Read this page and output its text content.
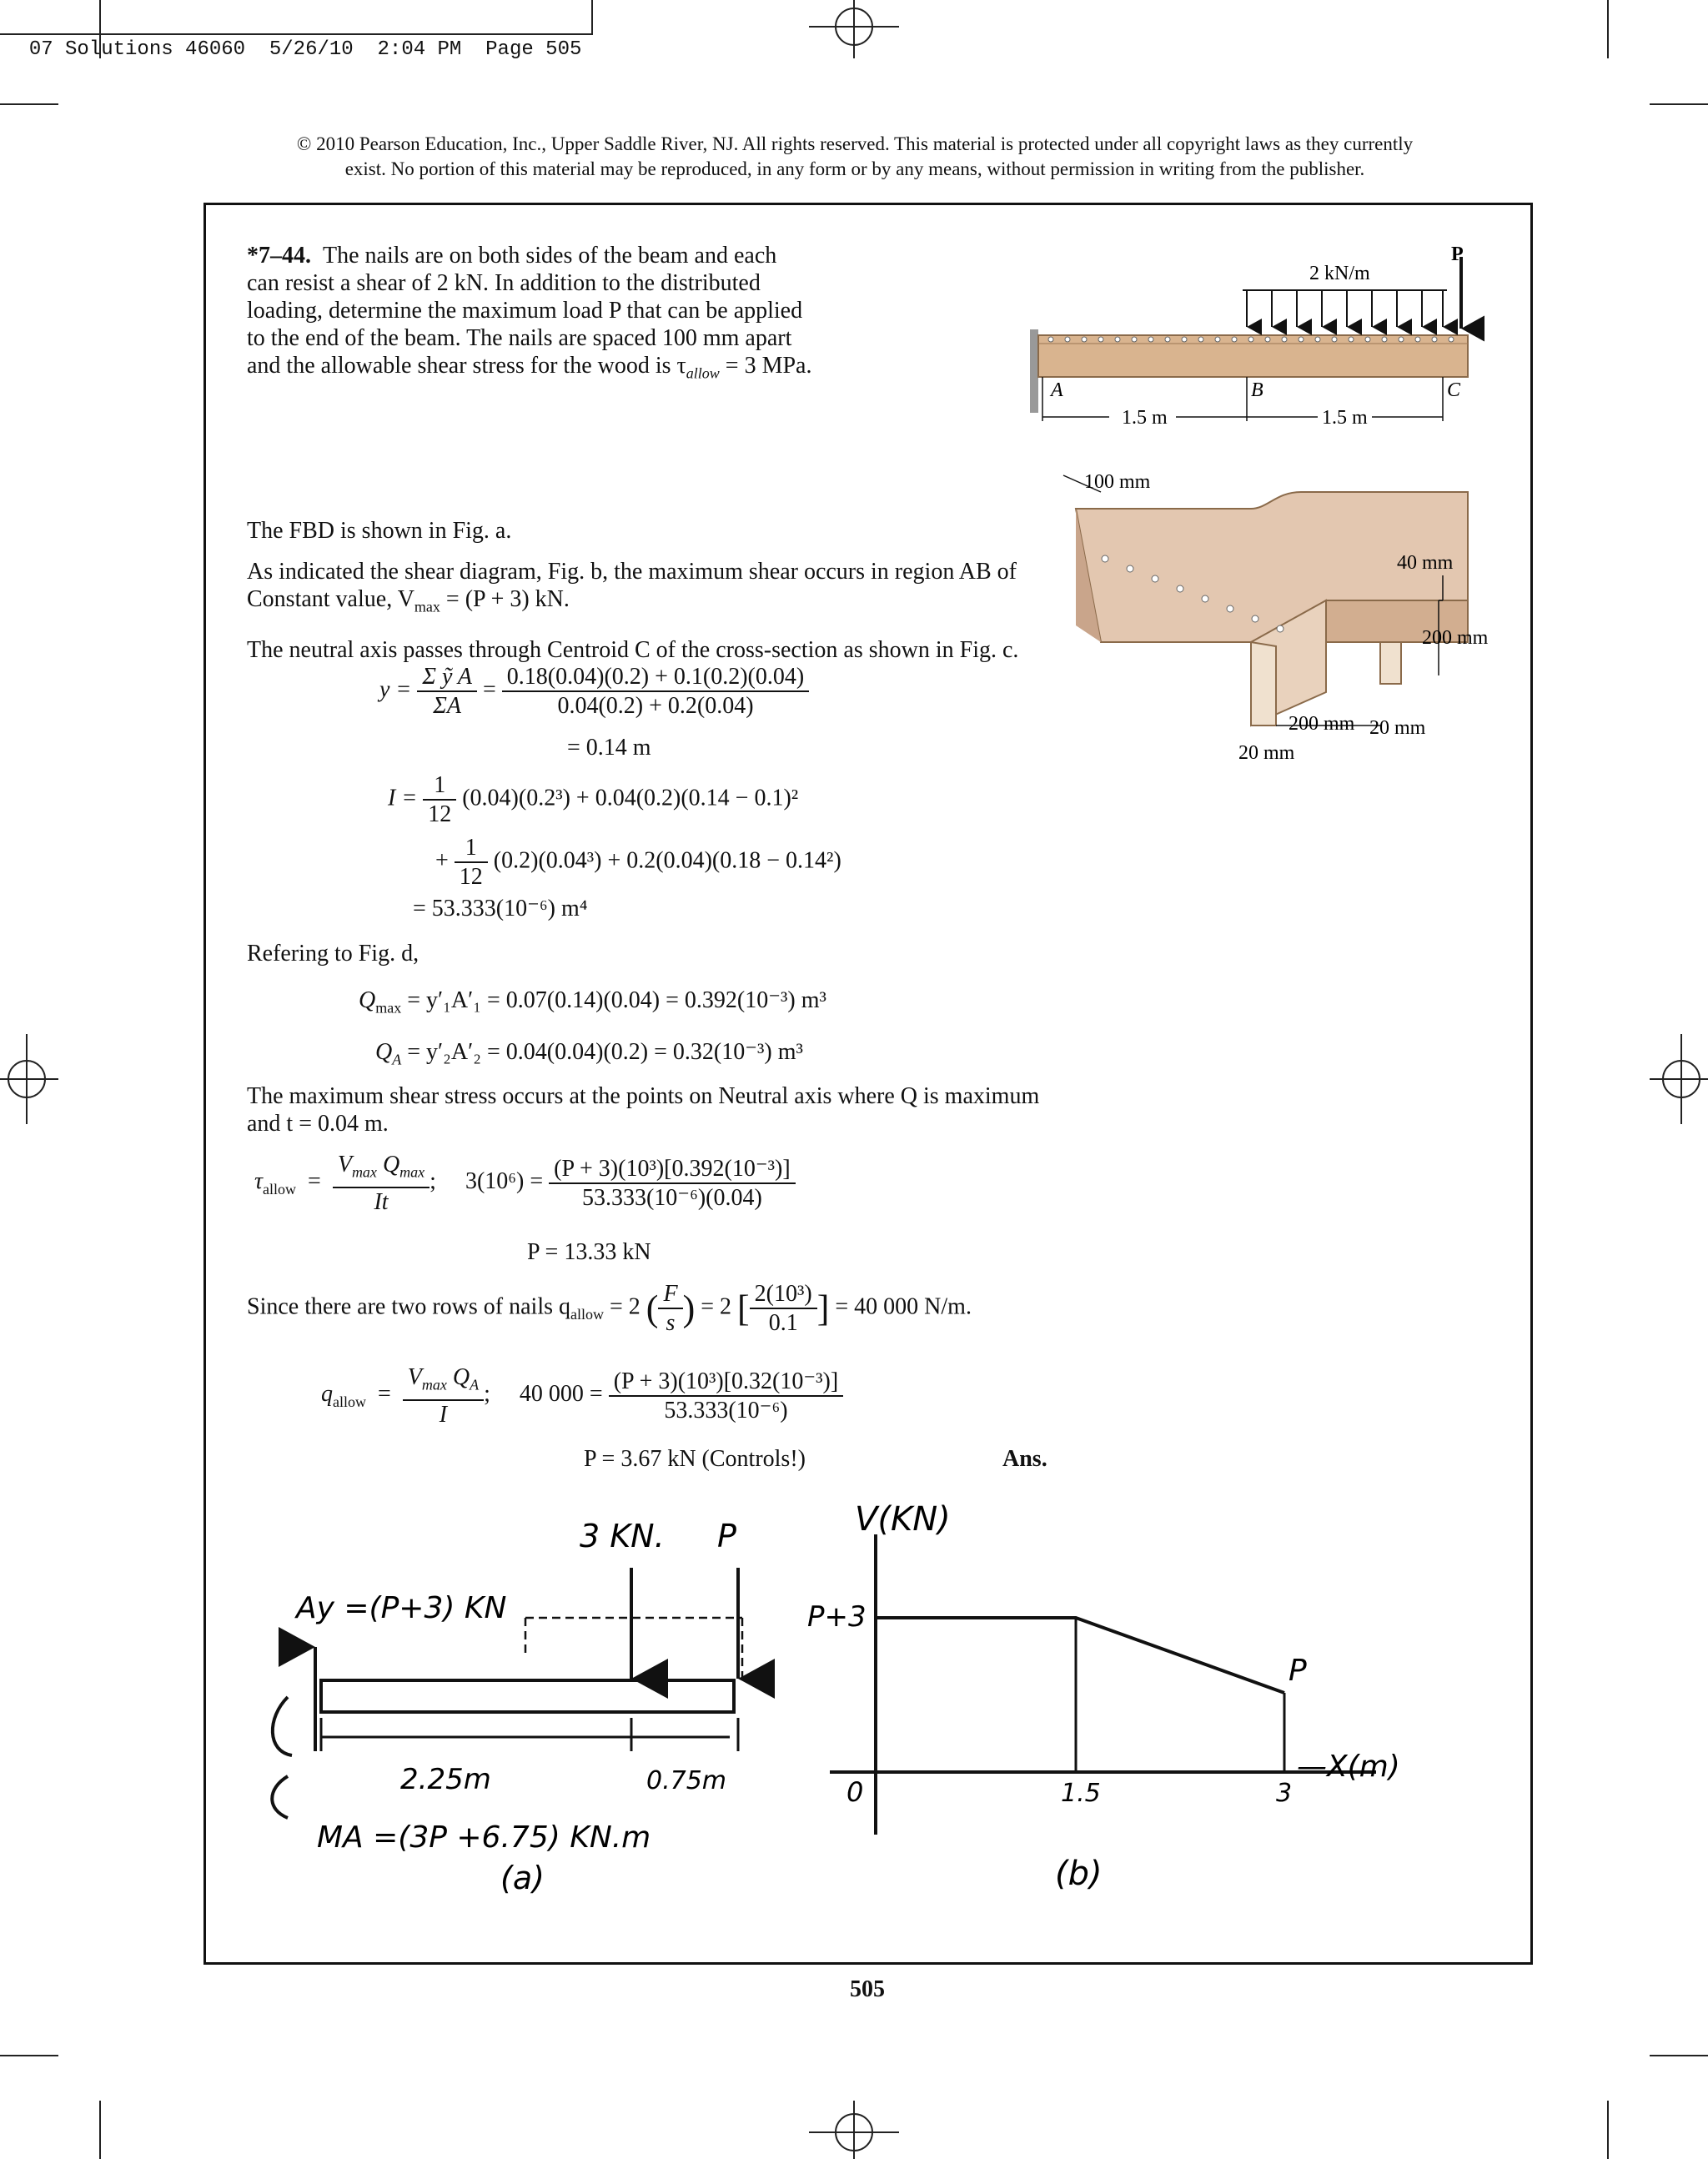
07 Solutions 46060 5/26/10 2:04 PM Page 505

© 2010 Pearson Education, Inc., Upper Saddle River, NJ. All rights reserved. This material is protected under all copyright laws as they currently
exist. No portion of this material may be reproduced, in any form or by any means, without permission in writing from the publisher.
*7–44. The nails are on both sides of the beam and each
can resist a shear of 2 kN. In addition to the distributed
loading, determine the maximum load P that can be applied
to the end of the beam. The nails are spaced 100 mm apart
and the allowable shear stress for the wood is $\tau_{allow} = 3$ MPa.
P
2 kN/m
A	B	C
1.5 m	1.5 m
100 mm
40 mm
200 mm
200 mm 20 mm
20 mm
The FBD is shown in Fig. a.
As indicated the shear diagram, Fig. b, the maximum shear occurs in region AB of
Constant value, $V_{max} = (P + 3)$ kN.
The neutral axis passes through Centroid C of the cross-section as shown in Fig. c.
$y = \frac{\text{Σ ỹ A}}{\Sigma A} = \frac{0.18(0.04)(0.2) + 0.1(0.2)(0.04)}{0.04(0.2) + 0.2(0.04)}$
= 0.14 m
$I = \frac{1}{12} (0.04)(0.2^3) + 0.04(0.2)(0.14 - 0.1)^2$
+ $\frac{1}{12} (0.2)(0.04^3) + 0.2(0.04)(0.18 - 0.14^2)$
= 53.333(10⁻⁶) m⁴
Refering to Fig. d,
$Q_{max} = y'_1A'_1 = 0.07(0.14)(0.04) = 0.392(10^{-3})$ m³
$Q_A = y'_2A'_2 = 0.04(0.04)(0.2) = 0.32(10^{-3})$ m³
The maximum shear stress occurs at the points on Neutral axis where Q is maximum
and t = 0.04 m.
$\tau_{allow} = \frac{V_{max} Q_{max}}{It}$ ; $3(10^6) = \frac{\text{(P + 3)(10³)[0.392(10⁻³)]}}{\text{53.333(10⁻⁶)(0.04)}}$
P = 13.33 kN
Since there are two rows of nails $q_{allow} = 2$ ( $\frac{F}{s}$ ) = 2 [ $\frac{\text{2(10³)}}{0.1}$ ] = 40 000 N/m.
$q_{allow} = \frac{V_{max} Q_A}{I}$ ; 40 $000 = \frac{\text{(P + 3)(10³)[0.32(10⁻³)]}}{\text{53.333(10⁻⁶)}}$
P = 3.67 kN (Controls!)	Ans.
3 KN. P
Ay =(P+3) KN
2.25m	0.75m
MA =(3P +6.75) KN.m
(a)
V(KN)
—X(m)
P+3
P
0	1.5	3
(b)
505
